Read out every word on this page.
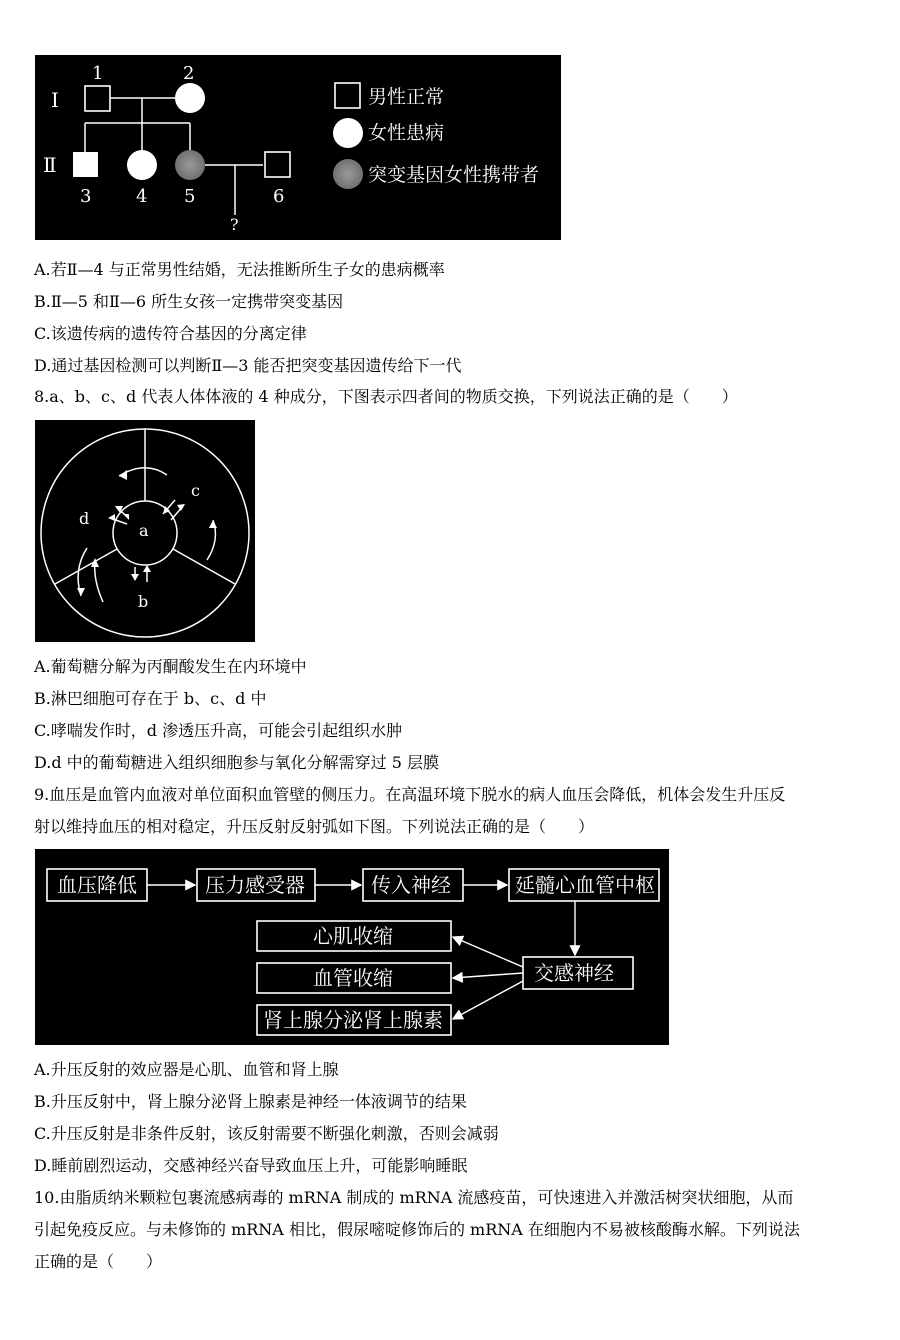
I
Ⅱ
1	2
3 4 5	6
?
男性正常
女性患病
突变基因女性携带者
A.若Ⅱ—4 与正常男性结婚，无法推断所生子女的患病概率
B.Ⅱ—5 和Ⅱ—6 所生女孩一定携带突变基因
C.该遗传病的遗传符合基因的分离定律
D.通过基因检测可以判断Ⅱ—3 能否把突变基因遗传给下一代
8.a、b、c、d 代表人体体液的 4 种成分，下图表示四者间的物质交换，下列说法正确的是（　　）
a
b
c
d
A.葡萄糖分解为丙酮酸发生在内环境中
B.淋巴细胞可存在于 b、c、d 中
C.哮喘发作时，d 渗透压升高，可能会引起组织水肿
D.d 中的葡萄糖进入组织细胞参与氧化分解需穿过 5 层膜
9.血压是血管内血液对单位面积血管壁的侧压力。在高温环境下脱水的病人血压会降低，机体会发生升压反
射以维持血压的相对稳定，升压反射反射弧如下图。下列说法正确的是（　　）
血压降低	压力感受器	传入神经	延髓心血管中枢
交感神经
心肌收缩
血管收缩
肾上腺分泌肾上腺素
A.升压反射的效应器是心肌、血管和肾上腺
B.升压反射中，肾上腺分泌肾上腺素是神经一体液调节的结果
C.升压反射是非条件反射，该反射需要不断强化刺激，否则会减弱
D.睡前剧烈运动，交感神经兴奋导致血压上升，可能影响睡眠
10.由脂质纳米颗粒包裹流感病毒的 mRNA 制成的 mRNA 流感疫苗，可快速进入并激活树突状细胞，从而
引起免疫反应。与未修饰的 mRNA 相比，假尿嘧啶修饰后的 mRNA 在细胞内不易被核酸酶水解。下列说法
正确的是（　　）
